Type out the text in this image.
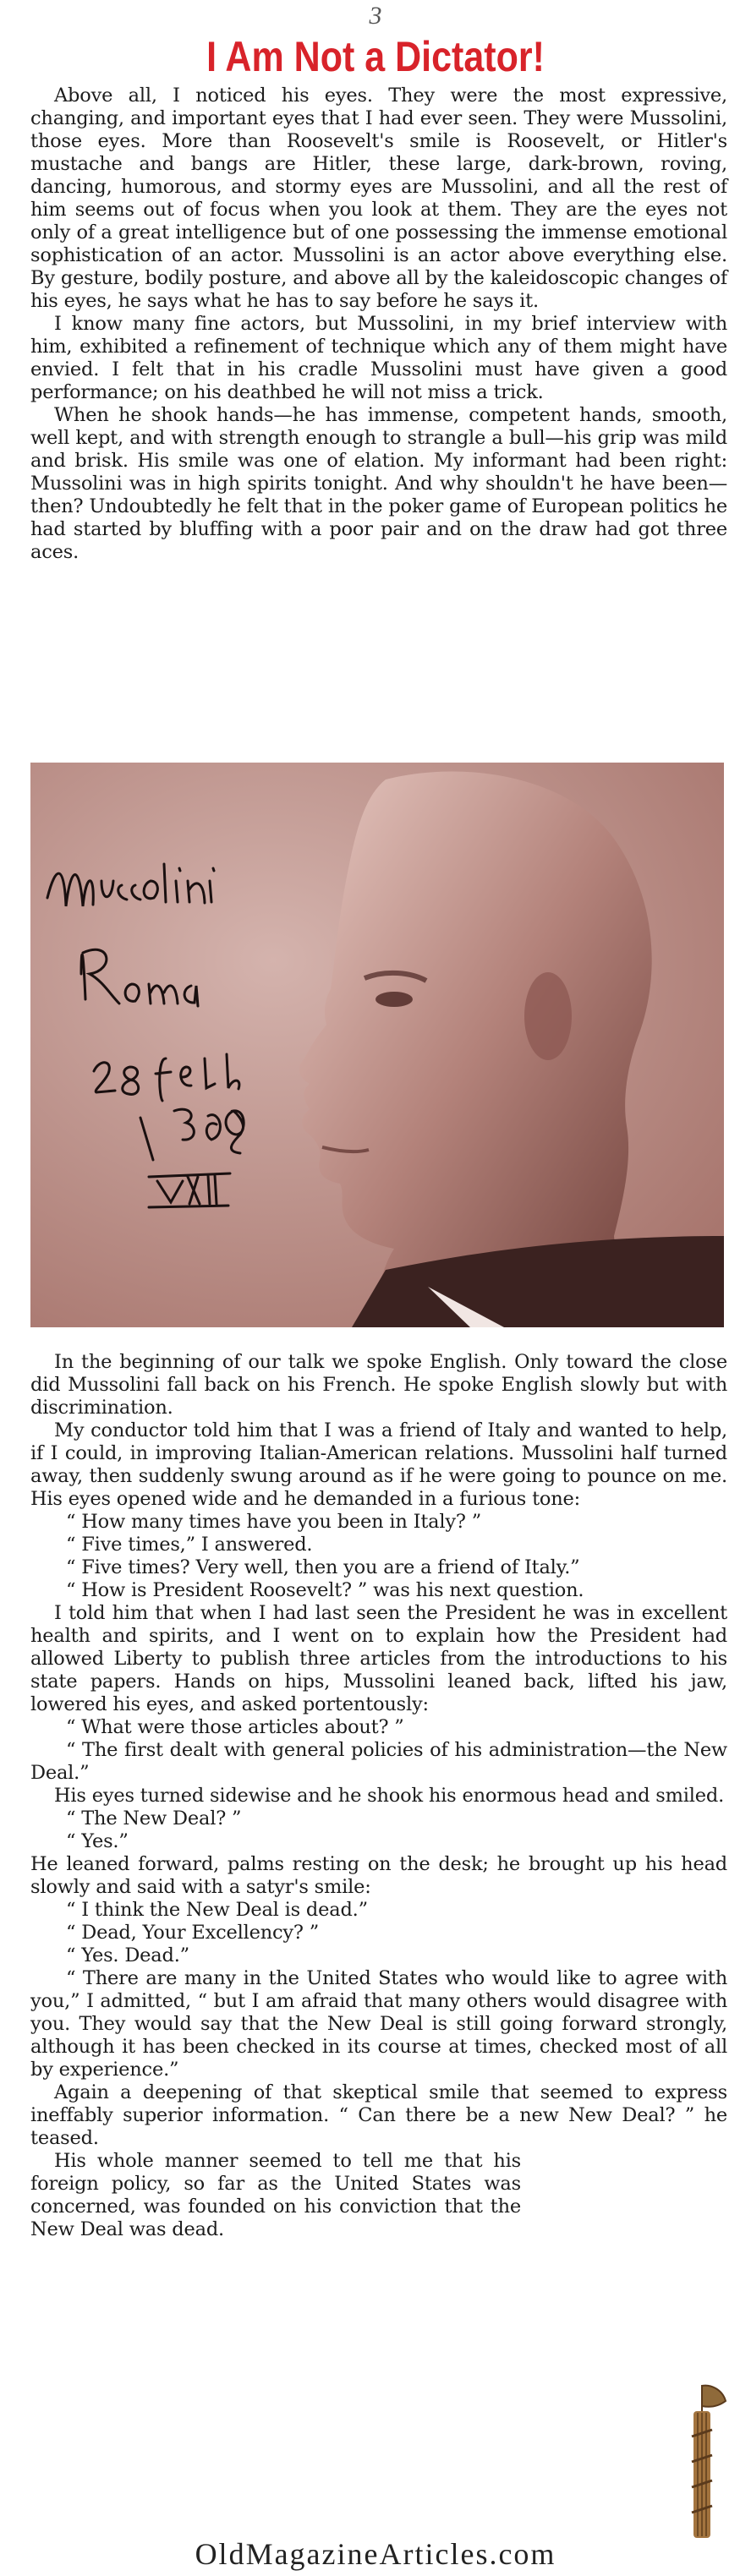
3
I Am Not a Dictator!

Above all, I noticed his eyes. They were the most expressive, changing, and important eyes that I had ever seen. They were Mussolini, those eyes. More than Roosevelt's smile is Roosevelt, or Hitler's mustache and bangs are Hitler, these large, dark-brown, roving, dancing, humorous, and stormy eyes are Mussolini, and all the rest of him seems out of focus when you look at them. They are the eyes not only of a great intelligence but of one possessing the immense emotional sophistication of an actor. Mussolini is an actor above everything else. By gesture, bodily posture, and above all by the kaleidoscopic changes of his eyes, he says what he has to say before he says it.

I know many fine actors, but Mussolini, in my brief interview with him, exhibited a refinement of technique which any of them might have envied. I felt that in his cradle Mussolini must have given a good performance; on his deathbed he will not miss a trick.

When he shook hands—he has immense, competent hands, smooth, well kept, and with strength enough to strangle a bull—his grip was mild and brisk. His smile was one of elation. My informant had been right: Mussolini was in high spirits tonight. And why shouldn't he have been—then? Undoubtedly he felt that in the poker game of European politics he had started by bluffing with a poor pair and on the draw had got three aces.

In the beginning of our talk we spoke English. Only toward the close did Mussolini fall back on his French. He spoke English slowly but with discrimination.

My conductor told him that I was a friend of Italy and wanted to help, if I could, in improving Italian-American relations. Mussolini half turned away, then suddenly swung around as if he were going to pounce on me. His eyes opened wide and he demanded in a furious tone:

“ How many times have you been in Italy? ”

“ Five times,” I answered.

“ Five times? Very well, then you are a friend of Italy.”

“ How is President Roosevelt? ” was his next question.

I told him that when I had last seen the President he was in excellent health and spirits, and I went on to explain how the President had allowed Liberty to publish three articles from the introductions to his state papers. Hands on hips, Mussolini leaned back, lifted his jaw, lowered his eyes, and asked portentously:

“ What were those articles about? ”

“ The first dealt with general policies of his administration—the New Deal.”

His eyes turned sidewise and he shook his enormous head and smiled.

“ The New Deal? ”

“ Yes.”

He leaned forward, palms resting on the desk; he brought up his head slowly and said with a satyr's smile:

“ I think the New Deal is dead.”

“ Dead, Your Excellency? ”

“ Yes. Dead.”

“ There are many in the United States who would like to agree with you,” I admitted, “ but I am afraid that many others would disagree with you. They would say that the New Deal is still going forward strongly, although it has been checked in its course at times, checked most of all by experience.”

Again a deepening of that skeptical smile that seemed to express ineffably superior information. “ Can there be a new New Deal? ” he teased.

His whole manner seemed to tell me that his foreign policy, so far as the United States was concerned, was founded on his conviction that the New Deal was dead.

OldMagazineArticles.com
